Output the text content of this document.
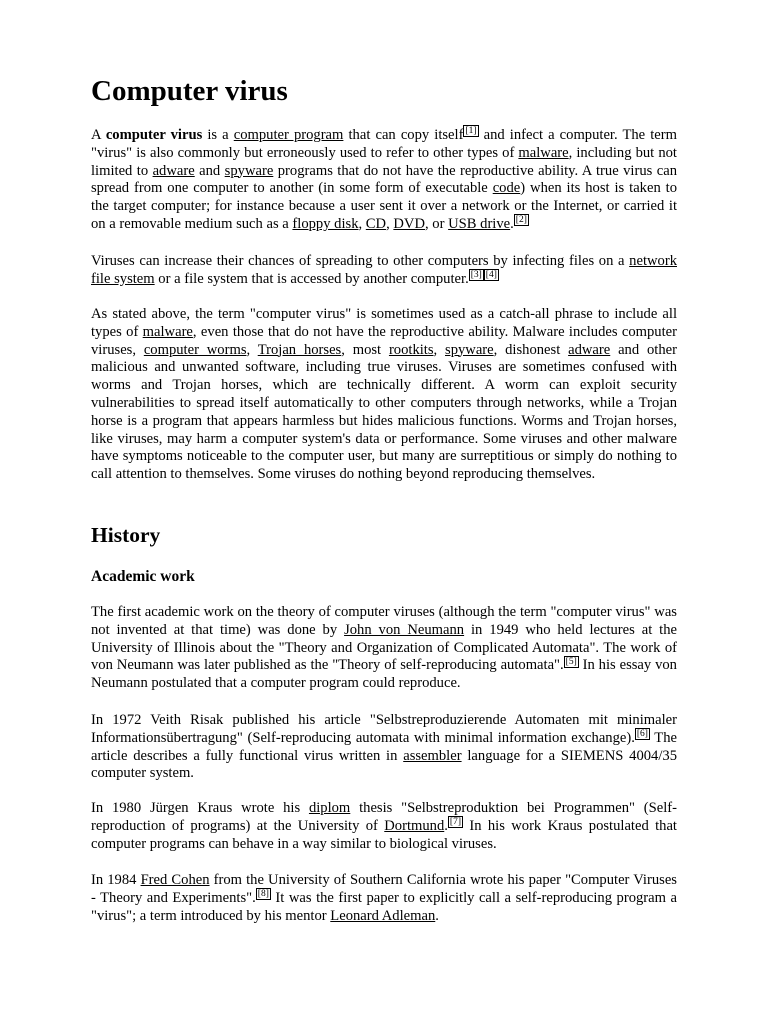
Computer virus

A computer virus is a computer program that can copy itself [1] and infect a computer. The term "virus" is also commonly but erroneously used to refer to other types of malware, including but not limited to adware and spyware programs that do not have the reproductive ability. A true virus can spread from one computer to another (in some form of executable code) when its host is taken to the target computer; for instance because a user sent it over a network or the Internet, or carried it on a removable medium such as a floppy disk, CD, DVD, or USB drive. [2]

Viruses can increase their chances of spreading to other computers by infecting files on a network file system or a file system that is accessed by another computer. [3] [4]

As stated above, the term "computer virus" is sometimes used as a catch-all phrase to include all types of malware, even those that do not have the reproductive ability. Malware includes computer viruses, computer worms, Trojan horses, most rootkits, spyware, dishonest adware and other malicious and unwanted software, including true viruses. Viruses are sometimes confused with worms and Trojan horses, which are technically different. A worm can exploit security vulnerabilities to spread itself automatically to other computers through networks, while a Trojan horse is a program that appears harmless but hides malicious functions. Worms and Trojan horses, like viruses, may harm a computer system's data or performance. Some viruses and other malware have symptoms noticeable to the computer user, but many are surreptitious or simply do nothing to call attention to themselves. Some viruses do nothing beyond reproducing themselves.

History
Academic work

The first academic work on the theory of computer viruses (although the term "computer virus" was not invented at that time) was done by John von Neumann in 1949 who held lectures at the University of Illinois about the "Theory and Organization of Complicated Automata". The work of von Neumann was later published as the "Theory of self-reproducing automata". [5] In his essay von Neumann postulated that a computer program could reproduce.

In 1972 Veith Risak published his article "Selbstreproduzierende Automaten mit minimaler Informationsübertragung" (Self-reproducing automata with minimal information exchange). [6] The article describes a fully functional virus written in assembler language for a SIEMENS 4004/35 computer system.

In 1980 Jürgen Kraus wrote his diplom thesis "Selbstreproduktion bei Programmen" (Self-reproduction of programs) at the University of Dortmund. [7] In his work Kraus postulated that computer programs can behave in a way similar to biological viruses.

In 1984 Fred Cohen from the University of Southern California wrote his paper "Computer Viruses - Theory and Experiments". [8] It was the first paper to explicitly call a self-reproducing program a "virus"; a term introduced by his mentor Leonard Adleman.
